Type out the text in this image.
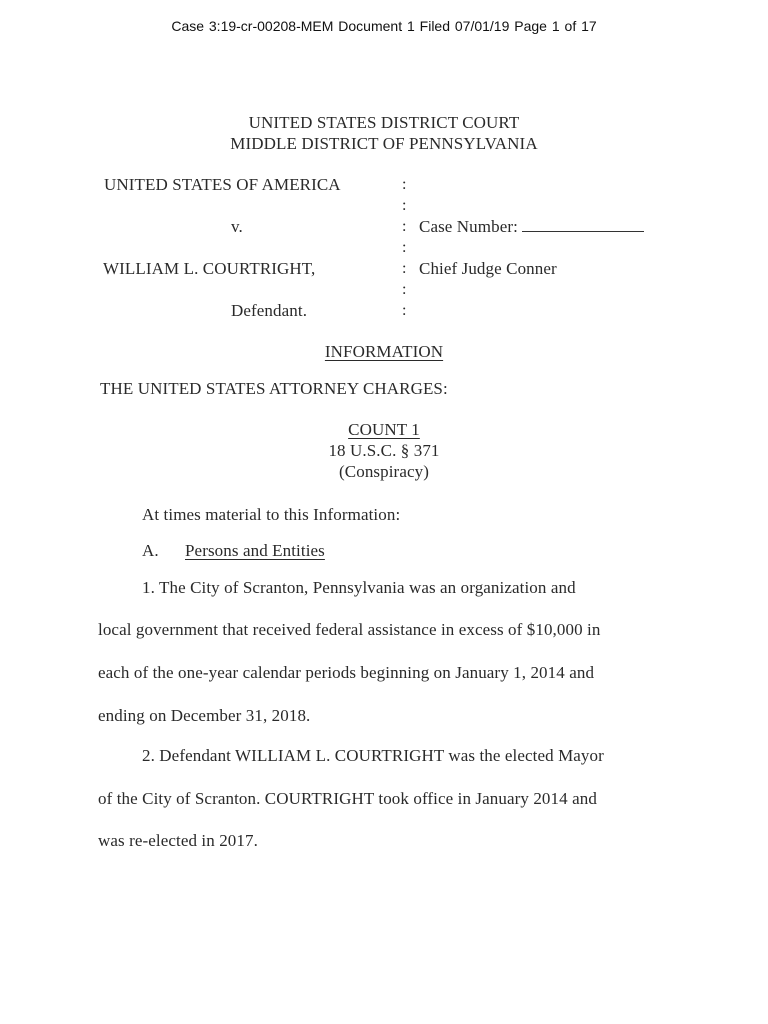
Case 3:19-cr-00208-MEM Document 1 Filed 07/01/19 Page 1 of 17
UNITED STATES DISTRICT COURT
MIDDLE DISTRICT OF PENNSYLVANIA
UNITED STATES OF AMERICA
v.
WILLIAM L. COURTRIGHT,
Defendant.
:
:
:
:
:
:
:
Case Number:
Chief Judge Conner
INFORMATION
THE UNITED STATES ATTORNEY CHARGES:
COUNT 1
18 U.S.C. § 371
(Conspiracy)
At times material to this Information:
A. Persons and Entities
1. The City of Scranton, Pennsylvania was an organization and
local government that received federal assistance in excess of $10,000 in
each of the one-year calendar periods beginning on January 1, 2014 and
ending on December 31, 2018.
2. Defendant WILLIAM L. COURTRIGHT was the elected Mayor
of the City of Scranton. COURTRIGHT took office in January 2014 and
was re-elected in 2017.
